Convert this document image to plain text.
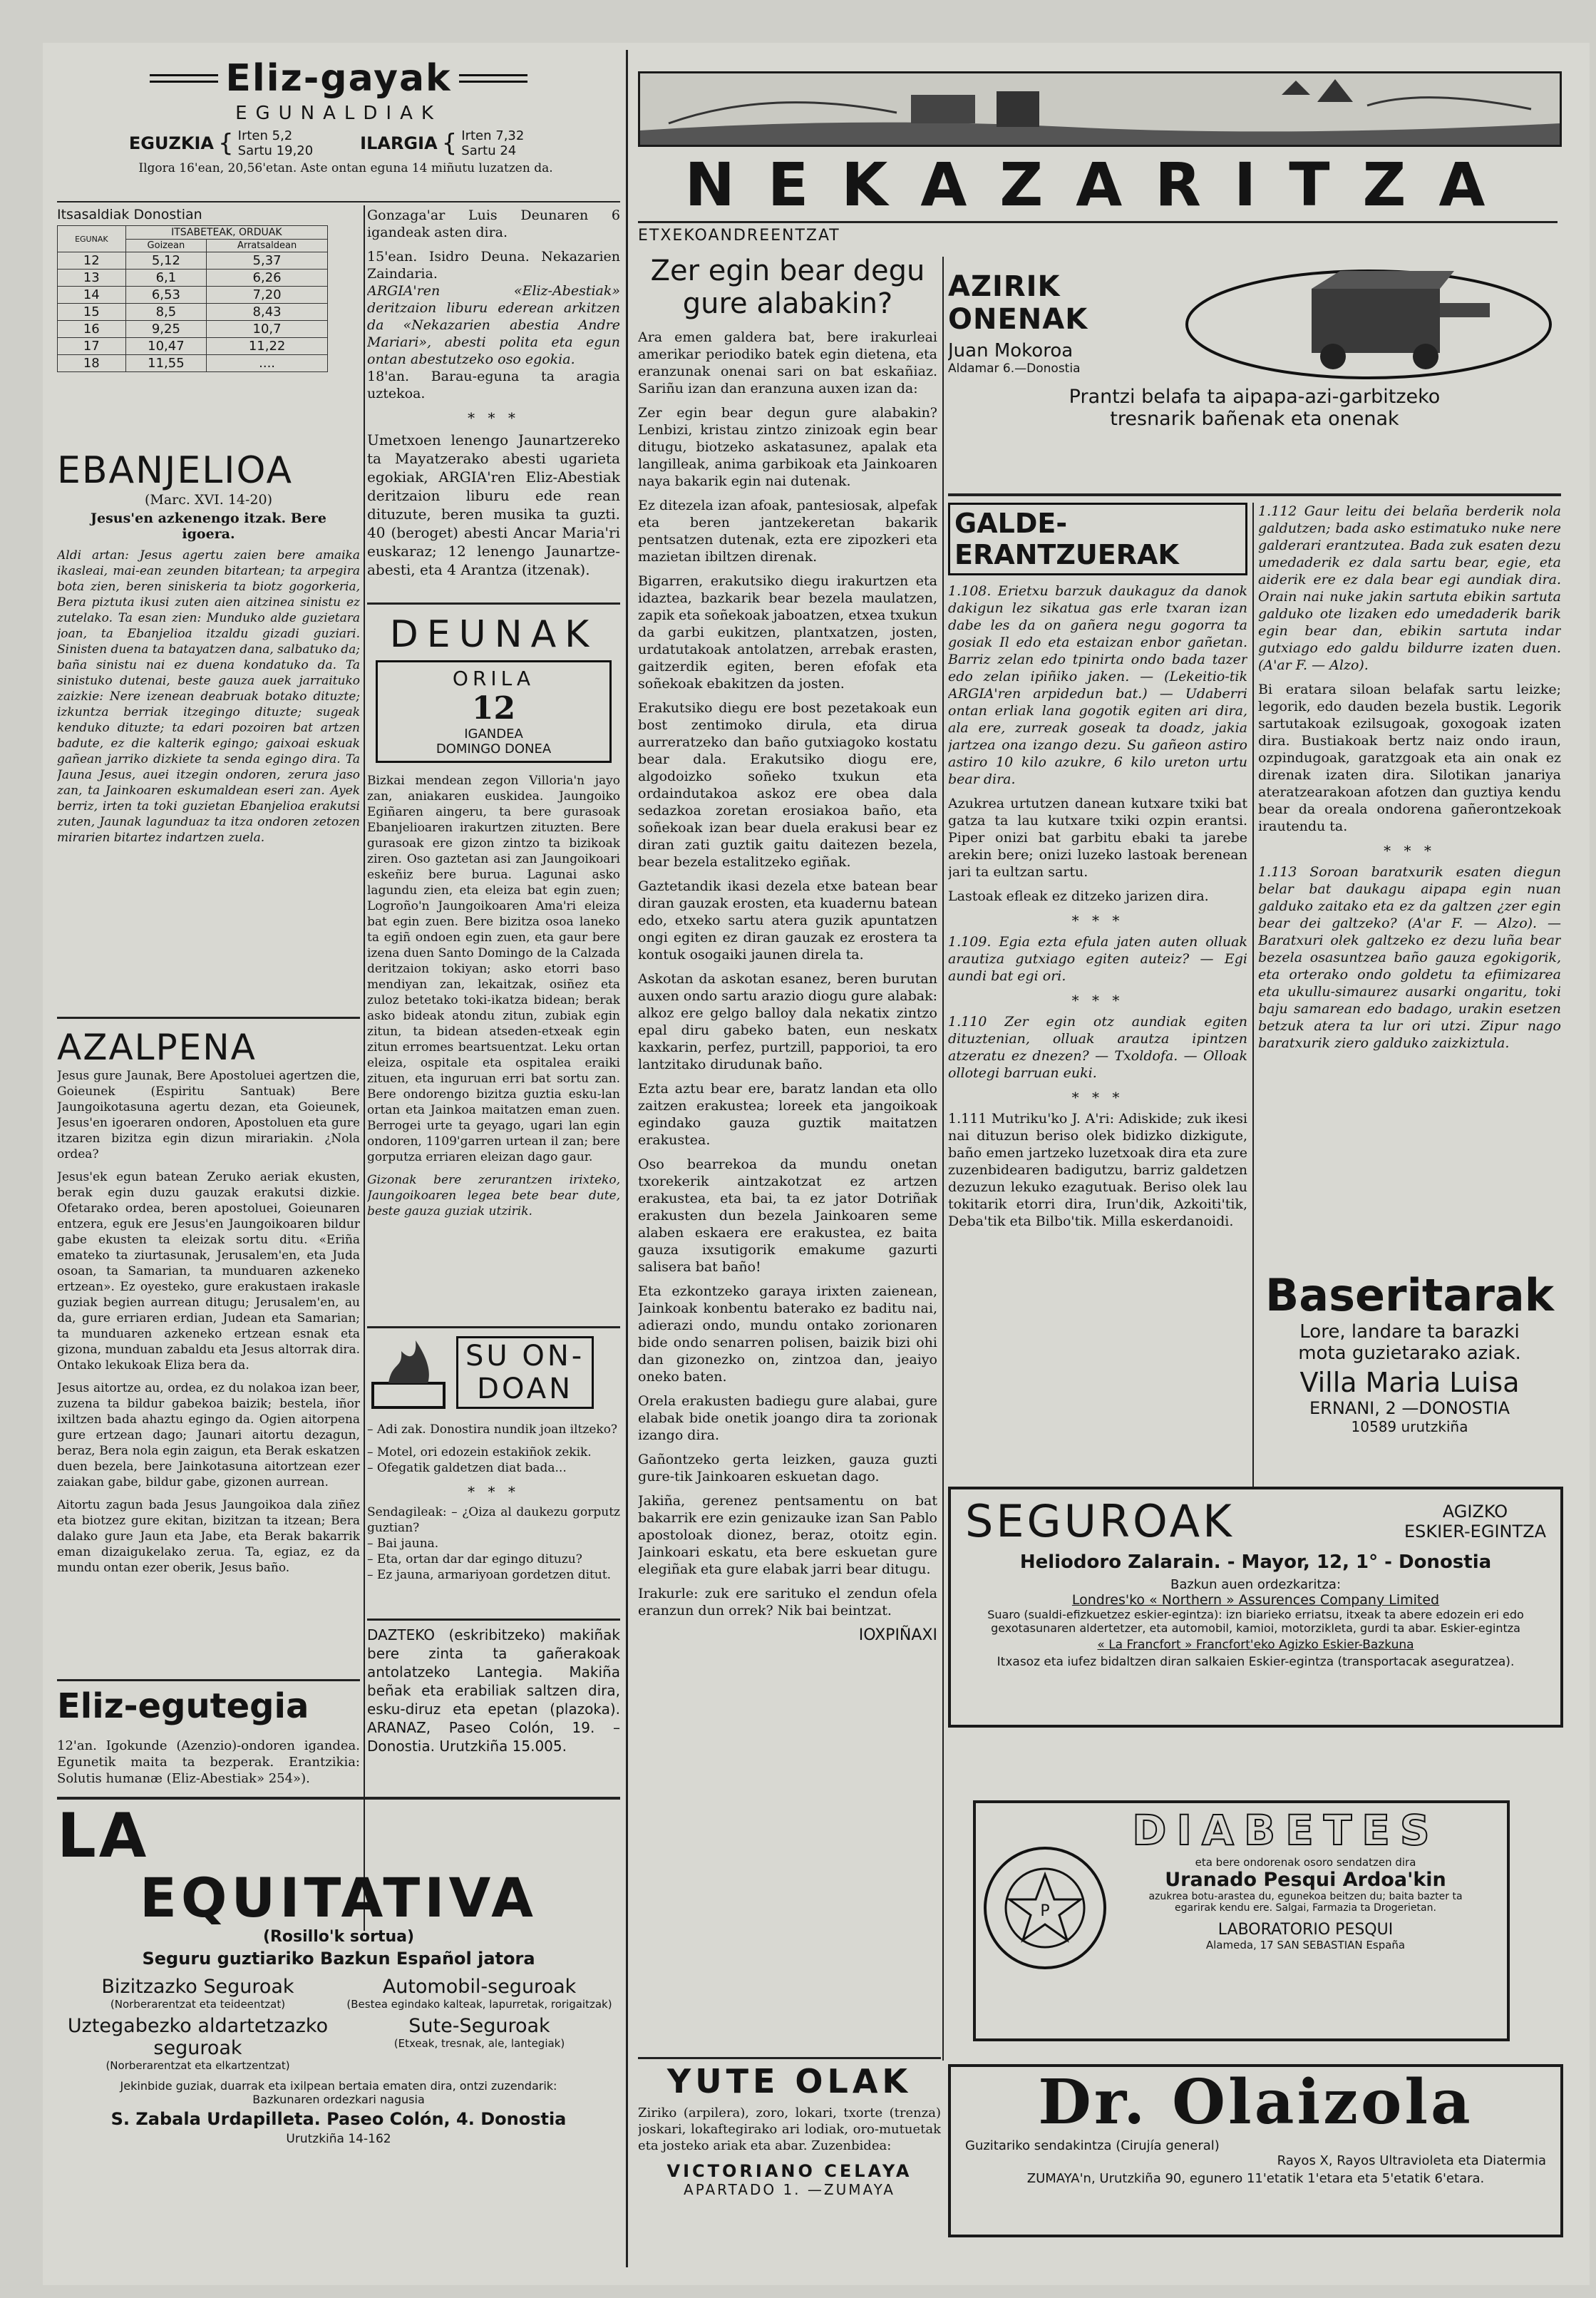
Eliz-gayak
EGUNALDIAK
EGUZKIA { Irten 5,2
Sartu 19,20	ILARGIA { Irten 7,32
Sartu 24
Ilgora 16'ean, 20,56'etan. Aste ontan eguna 14 miñutu luzatzen da.
Itsasaldiak Donostian
EGUNAK	ITSABETEAK, ORDUAK	
	Goizean	Arratsaldean
12	5,12	5,37
13	6,1	6,26
14	6,53	7,20
15	8,5	8,43
16	9,25	10,7
17	10,47	11,22
18	11,55	....

Gonzaga'ar Luis Deunaren 6 igandeak asten dira.

15'ean. Isidro Deuna. Nekazarien Zaindaria.

ARGIA'ren «Eliz-Abestiak» deritzaion liburu ederean arkitzen da «Nekazarien abestia Andre Mariari», abesti polita eta egun ontan abestutzeko oso egokia.

18'an. Barau-eguna ta aragia uztekoa.

* * *

Umetxoen lenengo Jaunartzereko ta Mayatzerako abesti ugarieta egokiak, ARGIA'ren Eliz-Abestiak deritzaion liburu ede rean dituzute, beren musika ta guzti. 40 (beroget) abesti Ancar Maria'ri euskaraz; 12 lenengo Jaunartze-abesti, eta 4 Arantza (itzenak).

EBANJELIOA
(Marc. XVI. 14-20)
Jesus'en azkenengo itzak. Bere igoera.

Aldi artan: Jesus agertu zaien bere amaika ikasleai, mai-ean zeunden bitartean; ta arpegira bota zien, beren siniskeria ta biotz gogorkeria, Bera piztuta ikusi zuten aien aitzinea sinistu ez zutelako. Ta esan zien: Munduko alde guzietara joan, ta Ebanjelioa itzaldu gizadi guziari. Sinisten duena ta batayatzen dana, salbatuko da; baña sinistu nai ez duena kondatuko da. Ta sinistuko dutenai, beste gauza auek jarraituko zaizkie: Nere izenean deabruak botako dituzte; izkuntza berriak itzegingo dituzte; sugeak kenduko dituzte; ta edari pozoiren bat artzen badute, ez die kalterik egingo; gaixoai eskuak gañean jarriko dizkiete ta senda egingo dira. Ta Jauna Jesus, auei itzegin ondoren, zerura jaso zan, ta Jainkoaren eskumaldean eseri zan. Ayek berriz, irten ta toki guzietan Ebanjelioa erakutsi zuten, Jaunak lagunduaz ta itza ondoren zetozen mirarien bitartez indartzen zuela.

AZALPENA

Jesus gure Jaunak, Bere Apostoluei agertzen die, Goieunek (Espiritu Santuak) Bere Jaungoikotasuna agertu dezan, eta Goieunek, Jesus'en igoeraren ondoren, Apostoluen eta gure itzaren bizitza egin dizun mirariakin. ¿Nola ordea?

Jesus'ek egun batean Zeruko aeriak ekusten, berak egin duzu gauzak erakutsi dizkie. Ofetarako ordea, beren apostoluei, Goieunaren entzera, eguk ere Jesus'en Jaungoikoaren bildur gabe ekusten ta eleizak sortu ditu. «Eriña emateko ta ziurtasunak, Jerusalem'en, eta Juda osoan, ta Samarian, ta munduaren azkeneko ertzean». Ez oyesteko, gure erakustaen irakasle guziak begien aurrean ditugu; Jerusalem'en, au da, gure erriaren erdian, Judean eta Samarian; ta munduaren azkeneko ertzean esnak eta gizona, munduan zabaldu eta Jesus altorrak dira. Ontako lekukoak Eliza bera da.

Jesus aitortze au, ordea, ez du nolakoa izan beer, zuzena ta bildur gabekoa baizik; bestela, iñor ixiltzen bada ahaztu egingo da. Ogien aitorpena gure ertzean dago; Jaunari aitortu dezagun, beraz, Bera nola egin zaigun, eta Berak eskatzen duen bezela, bere Jainkotasuna aitortzean ezer zaiakan gabe, bildur gabe, gizonen aurrean.

Aitortu zagun bada Jesus Jaungoikoa dala ziñez eta biotzez gure ekitan, bizitzan ta itzean; Bera dalako gure Jaun eta Jabe, eta Berak bakarrik eman dizaigukelako zerua. Ta, egiaz, ez da mundu ontan ezer oberik, Jesus baño.

Eliz-egutegia

12'an. Igokunde (Azenzio)-ondoren igandea. Egunetik maita ta bezperak. Erantzikia: Solutis humanæ (Eliz-Abestiak» 254»).

DEUNAK
ORILA
12
IGANDEA
DOMINGO DONEA

Bizkai mendean zegon Villoria'n jayo zan, aniakaren euskidea. Jaungoiko Egiñaren aingeru, ta bere gurasoak Ebanjelioaren irakurtzen zituzten. Bere gurasoak ere gizon zintzo ta bizikoak ziren. Oso gaztetan asi zan Jaungoikoari eskeñiz bere burua. Lagunai asko lagundu zien, eta eleiza bat egin zuen; Logroño'n Jaungoikoaren Ama'ri eleiza bat egin zuen. Bere bizitza osoa laneko ta egiñ ondoen egin zuen, eta gaur bere izena duen Santo Domingo de la Calzada deritzaion tokiyan; asko etorri baso mendiyan zan, lekaitzak, osiñez eta zuloz betetako toki-ikatza bidean; berak asko bideak atondu zitun, zubiak egin zitun, ta bidean atseden-etxeak egin zitun erromes beartsuentzat. Leku ortan eleiza, ospitale eta ospitalea eraiki zituen, eta inguruan erri bat sortu zan. Bere ondorengo bizitza guztia esku-lan ortan eta Jainkoa maitatzen eman zuen. Berrogei urte ta geyago, ugari lan egin ondoren, 1109'garren urtean il zan; bere gorputza erriaren eleizan dago gaur.

Gizonak bere zerurantzen irixteko, Jaungoikoaren legea bete bear dute, beste gauza guziak utzirik.

SU ON-
DOAN

– Adi zak. Donostira nundik joan iltzeko?

– Motel, ori edozein estakiñok zekik.

– Ofegatik galdetzen diat bada...

* * *

Sendagileak: – ¿Oiza al daukezu gorputz guztian?

– Bai jauna.

– Eta, ortan dar dar egingo dituzu?

– Ez jauna, armariyoan gordetzen ditut.

DAZTEKO (eskribitzeko) makiñak bere zinta ta gañerakoak antolatzeko Lantegia. Makiña beñak eta erabiliak saltzen dira, esku-diruz eta epetan (plazoka). ARANAZ, Paseo Colón, 19. – Donostia. Urutzkiña 15.005.

LA
EQUITATIVA
(Rosillo'k sortua)
Seguru guztiariko Bazkun Español jatora
Bizitzazko Seguroak
(Norberarentzat eta teideentzat)
Uztegabezko aldartetzazko seguroak
(Norberarentzat eta elkartzentzat)
Automobil-seguroak
(Bestea egindako kalteak, lapurretak, rorigaitzak)
Sute-Seguroak
(Etxeak, tresnak, ale, lantegiak)
Jekinbide guziak, duarrak eta ixilpean bertaia ematen dira, ontzi zuzendarik:
Bazkunaren ordezkari nagusia
S. Zabala Urdapilleta. Paseo Colón, 4. Donostia
Urutzkiña 14-162
NEKAZARITZA
ETXEKOANDREENTZAT
Zer egin bear degu gure alabakin?

Ara emen galdera bat, bere irakurleai amerikar periodiko batek egin dietena, eta eranzunak onenai sari on bat eskañiaz. Sariñu izan dan eranzuna auxen izan da:

Zer egin bear degun gure alabakin? Lenbizi, kristau zintzo zinizoak egin bear ditugu, biotzeko askatasunez, apalak eta langilleak, anima garbikoak eta Jainkoaren naya bakarik egin nai dutenak.

Ez ditezela izan afoak, pantesiosak, alpefak eta beren jantzekeretan bakarik pentsatzen dutenak, ezta ere zipozkeri eta mazietan ibiltzen direnak.

Bigarren, erakutsiko diegu irakurtzen eta idaztea, bazkarik bear bezela maulatzen, zapik eta soñekoak jaboatzen, etxea txukun da garbi eukitzen, plantxatzen, josten, urdatutakoak antolatzen, arrebak erasten, gaitzerdik egiten, beren efofak eta soñekoak ebakitzen da josten.

Erakutsiko diegu ere bost pezetakoak eun bost zentimoko dirula, eta dirua aurreratzeko dan baño gutxiagoko kostatu bear dala. Erakutsiko diogu ere, algodoizko soñeko txukun eta ordaindutakoa askoz ere obea dala sedazkoa zoretan erosiakoa baño, eta soñekoak izan bear duela erakusi bear ez diran zati guztik gaitu daitezen bezela, bear bezela estalitzeko egiñak.

Gaztetandik ikasi dezela etxe batean bear diran gauzak erosten, eta kuadernu batean edo, etxeko sartu atera guzik apuntatzen ongi egiten ez diran gauzak ez erostera ta kontuk osogaiki jaunen direla ta.

Askotan da askotan esanez, beren burutan auxen ondo sartu arazio diogu gure alabak: alkoz ere gelgo balloy dala nekatix zintzo epal diru gabeko baten, eun neskatx kaxkarin, perfez, purtzill, papporioi, ta ero lantzitako dirudunak baño.

Ezta aztu bear ere, baratz landan eta ollo zaitzen erakustea; loreek eta jangoikoak egindako gauza guztik maitatzen erakustea.

Oso bearrekoa da mundu onetan txorekerik aintzakotzat ez artzen erakustea, eta bai, ta ez jator Dotriñak erakusten dun bezela Jainkoaren seme alaben eskaera ere erakustea, ez baita gauza ixsutigorik emakume gazurti salisera bat baño!

Eta ezkontzeko garaya irixten zaienean, Jainkoak konbentu baterako ez baditu nai, adierazi ondo, mundu ontako zorionaren bide ondo senarren polisen, baizik bizi ohi dan gizonezko on, zintzoa dan, jeaiyo oneko baten.

Orela erakusten badiegu gure alabai, gure elabak bide onetik joango dira ta zorionak izango dira.

Gañontzeko gerta leizken, gauza guzti gure-tik Jainkoaren eskuetan dago.

Jakiña, gerenez pentsamentu on bat bakarrik ere ezin genizauke izan San Pablo apostoloak dionez, beraz, otoitz egin. Jainkoari eskatu, eta bere eskuetan gure elegiñak eta gure elabak jarri bear ditugu.

Irakurle: zuk ere sarituko el zendun ofela eranzun dun orrek? Nik bai beintzat.

IOXPIÑAXI
YUTE OLAK

Ziriko (arpilera), zoro, lokari, txorte (trenza) joskari, lokaftegirako ari lodiak, oro-mutuetak eta josteko ariak eta abar. Zuzenbidea:

VICTORIANO CELAYA
APARTADO 1. —ZUMAYA
AZIRIK ONENAK
Juan Mokoroa
Aldamar 6.—Donostia
Prantzi belafa ta aipapa-azi-garbitzeko
tresnarik bañenak eta onenak
GALDE-ERANTZUERAK

1.108. Erietxu barzuk daukaguz da danok dakigun lez sikatua gas erle txaran izan dabe les da on gañera negu gogorra ta gosiak Il edo eta estaizan enbor gañetan. Barriz zelan edo tpinirta ondo bada tazer edo zelan ipiñiko jaken. — (Lekeitio-tik ARGIA'ren arpidedun bat.) — Udaberri ontan erliak lana gogotik egiten ari dira, ala ere, zurreak goseak ta doadz, jakia jartzea ona izango dezu. Su gañeon astiro astiro 10 kilo azukre, 6 kilo ureton urtu bear dira.

Azukrea urtutzen danean kutxare txiki bat gatza ta lau kutxare txiki ozpin erantsi. Piper onizi bat garbitu ebaki ta jarebe arekin bere; onizi luzeko lastoak berenean jari ta eultzan sartu.

Lastoak efleak ez ditzeko jarizen dira.

* * *

1.109. Egia ezta efula jaten auten olluak arautiza gutxiago egiten auteiz? — Egi aundi bat egi ori.

* * *

1.110 Zer egin otz aundiak egiten dituztenian, olluak arautza ipintzen atzeratu ez dnezen? — Txoldofa. — Olloak ollotegi barruan euki.

* * *

1.111 Mutriku'ko J. A'ri: Adiskide; zuk ikesi nai dituzun beriso olek bidizko dizkigute, baño emen jartzeko luzetxoak dira eta zure zuzenbidearen badigutzu, barriz galdetzen dezuzun lekuko ezagutuak. Beriso olek lau tokitarik etorri dira, Irun'dik, Azkoiti'tik, Deba'tik eta Bilbo'tik. Milla eskerdanoidi.

1.112 Gaur leitu dei belaña berderik nola galdutzen; bada asko estimatuko nuke nere galderari erantzutea. Bada zuk esaten dezu umedaderik ez dala sartu bear, egie, eta aiderik ere ez dala bear egi aundiak dira. Orain nai nuke jakin sartuta ebikin sartuta galduko ote lizaken edo umedaderik barik egin bear dan, ebikin sartuta indar gutxiago edo galdu bildurre izaten duen. (A'ar F. — Alzo).

Bi eratara siloan belafak sartu leizke; legorik, edo dauden bezela bustik. Legorik sartutakoak ezilsugoak, goxogoak izaten dira. Bustiakoak bertz naiz ondo iraun, ozpindugoak, garatzgoak eta ain onak ez direnak izaten dira. Silotikan janariya ateratzearakoan afotzen dan guztiya kendu bear da oreala ondorena gañerontzekoak irautendu ta.

* * *

1.113 Soroan baratxurik esaten diegun belar bat daukagu aipapa egin nuan galduko zaitako eta ez da galtzen ¿zer egin bear dei galtzeko? (A'ar F. — Alzo). — Baratxuri olek galtzeko ez dezu luña bear bezela osasuntzea baño gauza egokigorik, eta orterako ondo goldetu ta efiimizarea eta ukullu-simaurez ausarki ongaritu, toki baju samarean edo badago, urakin esetzen betzuk atera ta lur ori utzi. Zipur nago baratxurik ziero galduko zaizkiztula.

Baseritarak
Lore, landare ta barazki
mota guzietarako aziak.
Villa Maria Luisa
ERNANI, 2 —DONOSTIA
10589 urutzkiña
SEGUROAK	AGIZKO
ESKIER-EGINTZA
Heliodoro Zalarain. - Mayor, 12, 1° - Donostia
Bazkun auen ordezkaritza:
Londres'ko « Northern » Assurences Company Limited
Suaro (sualdi-efizkuetzez eskier-egintza): izn biarieko erriatsu, itxeak ta abere edozein eri edo gexotasunaren aldertetzer, eta automobil, kamioi, motorzikleta, gurdi ta abar. Eskier-egintza
« La Francfort » Francfort'eko Agizko Eskier-Bazkuna
Itxasoz eta iufez bidaltzen diran salkaien Eskier-egintza (transportacak aseguratzea).
DIABETES
P
eta bere ondorenak osoro sendatzen dira
Uranado Pesqui Ardoa'kin
azukrea botu-arastea du, egunekoa beitzen du; baita bazter ta egarirak kendu ere. Salgai, Farmazia ta Drogerietan.
LABORATORIO PESQUI
Alameda, 17 SAN SEBASTIAN España
Dr. Olaizola
Guzitariko sendakintza (Cirujía general)
Rayos X, Rayos Ultravioleta eta Diatermia
ZUMAYA'n, Urutzkiña 90, egunero 11'etatik 1'etara eta 5'etatik 6'etara.
